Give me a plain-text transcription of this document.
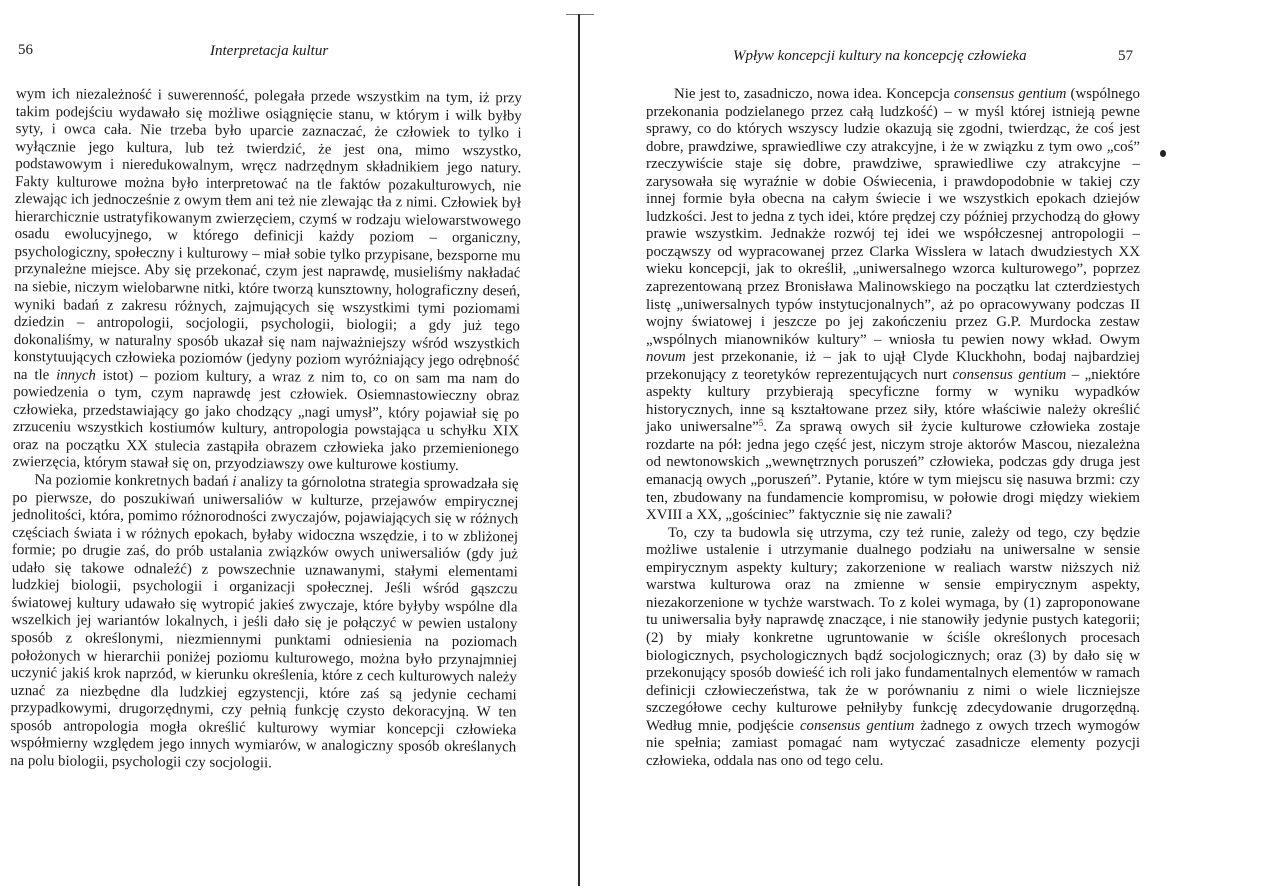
56	Interpretacja kultur

wym ich niezależność i suwerenność, polegała przede wszystkim na tym, iż przy takim podejściu wydawało się możliwe osiągnięcie stanu, w którym i wilk byłby syty, i owca cała. Nie trzeba było uparcie zaznaczać, że człowiek to tylko i wyłącznie jego kultura, lub też twierdzić, że jest ona, mimo wszystko, podstawowym i nieredukowalnym, wręcz nadrzędnym składnikiem jego natury. Fakty kulturowe można było interpretować na tle faktów pozakulturowych, nie zlewając ich jednocześnie z owym tłem ani też nie zlewając tła z nimi. Człowiek był hierarchicznie ustratyfikowanym zwierzęciem, czymś w rodzaju wielowarstwowego osadu ewolucyjnego, w którego definicji każdy poziom – organiczny, psychologiczny, społeczny i kulturowy – miał sobie tylko przypisane, bezsporne mu przynależne miejsce. Aby się przekonać, czym jest naprawdę, musieliśmy nakładać na siebie, niczym wielobarwne nitki, które tworzą kunsztowny, holograficzny deseń, wyniki badań z zakresu różnych, zajmujących się wszystkimi tymi poziomami dziedzin – antropologii, socjologii, psychologii, biologii; a gdy już tego dokonaliśmy, w naturalny sposób ukazał się nam najważniejszy wśród wszystkich konstytuujących człowieka poziomów (jedyny poziom wyróżniający jego odrębność na tle innych istot) – poziom kultury, a wraz z nim to, co on sam ma nam do powiedzenia o tym, czym naprawdę jest człowiek. Osiemnastowieczny obraz człowieka, przedstawiający go jako chodzący „nagi umysł”, który pojawiał się po zrzuceniu wszystkich kostiumów kultury, antropologia powstająca u schyłku XIX oraz na początku XX stulecia zastąpiła obrazem człowieka jako przemienionego zwierzęcia, którym stawał się on, przyodziawszy owe kulturowe kostiumy.

Na poziomie konkretnych badań i analizy ta górnolotna strategia sprowadzała się po pierwsze, do poszukiwań uniwersaliów w kulturze, przejawów empirycznej jednolitości, która, pomimo różnorodności zwyczajów, pojawiających się w różnych częściach świata i w różnych epokach, byłaby widoczna wszędzie, i to w zbliżonej formie; po drugie zaś, do prób ustalania związków owych uniwersaliów (gdy już udało się takowe odnaleźć) z powszechnie uznawanymi, stałymi elementami ludzkiej biologii, psychologii i organizacji społecznej. Jeśli wśród gąszczu światowej kultury udawało się wytropić jakieś zwyczaje, które byłyby wspólne dla wszelkich jej wariantów lokalnych, i jeśli dało się je połączyć w pewien ustalony sposób z określonymi, niezmiennymi punktami odniesienia na poziomach położonych w hierarchii poniżej poziomu kulturowego, można było przynajmniej uczynić jakiś krok naprzód, w kierunku określenia, które z cech kulturowych należy uznać za niezbędne dla ludzkiej egzystencji, które zaś są jedynie cechami przypadkowymi, drugorzędnymi, czy pełnią funkcję czysto dekoracyjną. W ten sposób antropologia mogła określić kulturowy wymiar koncepcji człowieka współmierny względem jego innych wymiarów, w analogiczny sposób określanych na polu biologii, psychologii czy socjologii.

Wpływ koncepcji kultury na koncepcję człowieka	57

Nie jest to, zasadniczo, nowa idea. Koncepcja consensus gentium (wspólnego przekonania podzielanego przez całą ludzkość) – w myśl której istnieją pewne sprawy, co do których wszyscy ludzie okazują się zgodni, twierdząc, że coś jest dobre, prawdziwe, sprawiedliwe czy atrakcyjne, i że w związku z tym owo „coś” rzeczywiście staje się dobre, prawdziwe, sprawiedliwe czy atrakcyjne – zarysowała się wyraźnie w dobie Oświecenia, i prawdopodobnie w takiej czy innej formie była obecna na całym świecie i we wszystkich epokach dziejów ludzkości. Jest to jedna z tych idei, które prędzej czy później przychodzą do głowy prawie wszystkim. Jednakże rozwój tej idei we współczesnej antropologii – począwszy od wypracowanej przez Clarka Wisslera w latach dwudziestych XX wieku koncepcji, jak to określił, „uniwersalnego wzorca kulturowego”, poprzez zaprezentowaną przez Bronisława Malinowskiego na początku lat czterdziestych listę „uniwersalnych typów instytucjonalnych”, aż po opracowywany podczas II wojny światowej i jeszcze po jej zakończeniu przez G.P. Murdocka zestaw „wspólnych mianowników kultury” – wniosła tu pewien nowy wkład. Owym novum jest przekonanie, iż – jak to ujął Clyde Kluckhohn, bodaj najbardziej przekonujący z teoretyków reprezentujących nurt consensus gentium – „niektóre aspekty kultury przybierają specyficzne formy w wyniku wypadków historycznych, inne są kształtowane przez siły, które właściwie należy określić jako uniwersalne”$^5$. Za sprawą owych sił życie kulturowe człowieka zostaje rozdarte na pół: jedna jego część jest, niczym stroje aktorów Mascou, niezależna od newtonowskich „wewnętrznych poruszeń” człowieka, podczas gdy druga jest emanacją owych „poruszeń”. Pytanie, które w tym miejscu się nasuwa brzmi: czy ten, zbudowany na fundamencie kompromisu, w połowie drogi między wiekiem XVIII a XX, „gościniec” faktycznie się nie zawali?

To, czy ta budowla się utrzyma, czy też runie, zależy od tego, czy będzie możliwe ustalenie i utrzymanie dualnego podziału na uniwersalne w sensie empirycznym aspekty kultury; zakorzenione w realiach warstw niższych niż warstwa kulturowa oraz na zmienne w sensie empirycznym aspekty, niezakorzenione w tychże warstwach. To z kolei wymaga, by (1) zaproponowane tu uniwersalia były naprawdę znaczące, i nie stanowiły jedynie pustych kategorii; (2) by miały konkretne ugruntowanie w ściśle określonych procesach biologicznych, psychologicznych bądź socjologicznych; oraz (3) by dało się w przekonujący sposób dowieść ich roli jako fundamentalnych elementów w ramach definicji człowieczeństwa, tak że w porównaniu z nimi o wiele liczniejsze szczegółowe cechy kulturowe pełniłyby funkcję zdecydowanie drugorzędną. Według mnie, podjęście consensus gentium żadnego z owych trzech wymogów nie spełnia; zamiast pomagać nam wytyczać zasadnicze elementy pozycji człowieka, oddala nas ono od tego celu.
